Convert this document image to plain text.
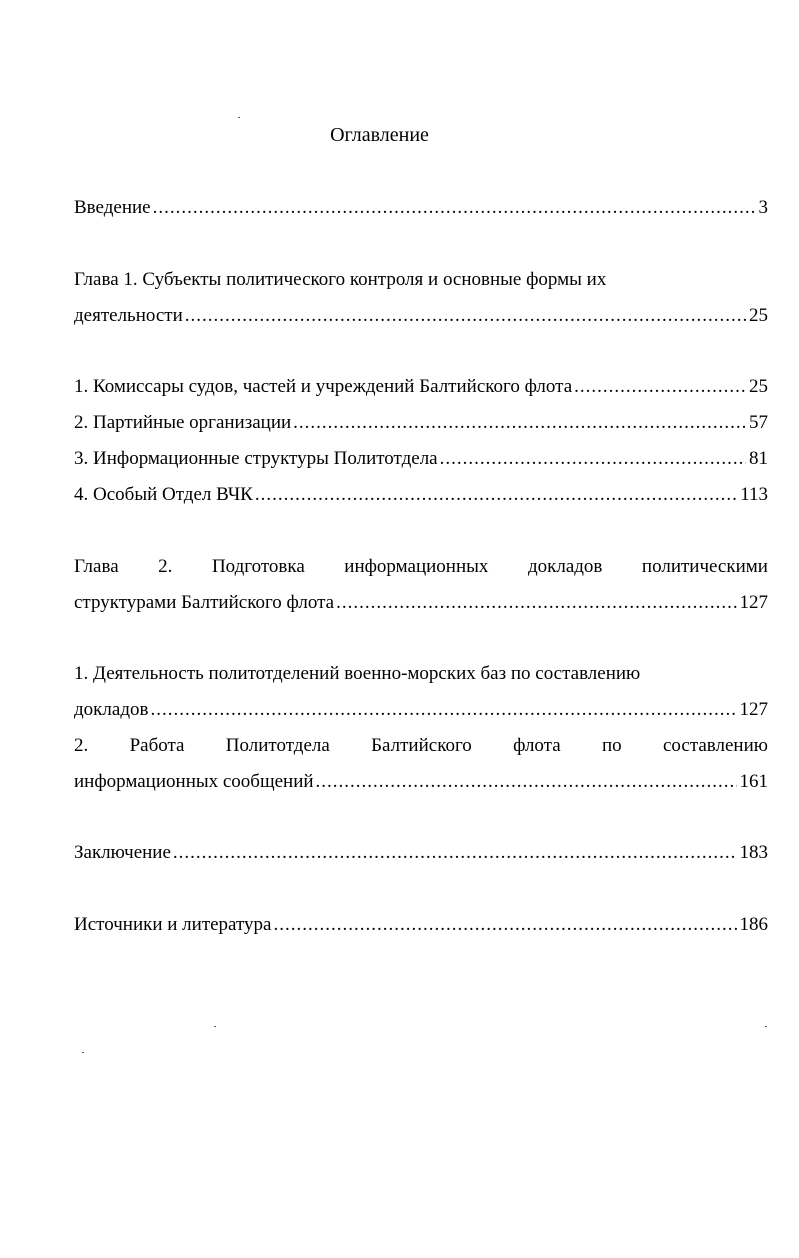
Оглавление
Введение .....	3
Глава 1. Субъекты политического контроля и основные формы их
деятельности .....	25
1. Комиссары судов, частей и учреждений Балтийского флота .....	25
2. Партийные организации .....	57
3. Информационные структуры Политотдела .....	81
4. Особый Отдел ВЧК .....	113
Глава 2. Подготовка информационных докладов политическими
структурами Балтийского флота .....	127
1. Деятельность политотделений военно-морских баз по составлению
докладов .....	127
2. Работа Политотдела Балтийского флота по составлению
информационных сообщений .....	161
Заключение .....	183
Источники и литература .....	186
